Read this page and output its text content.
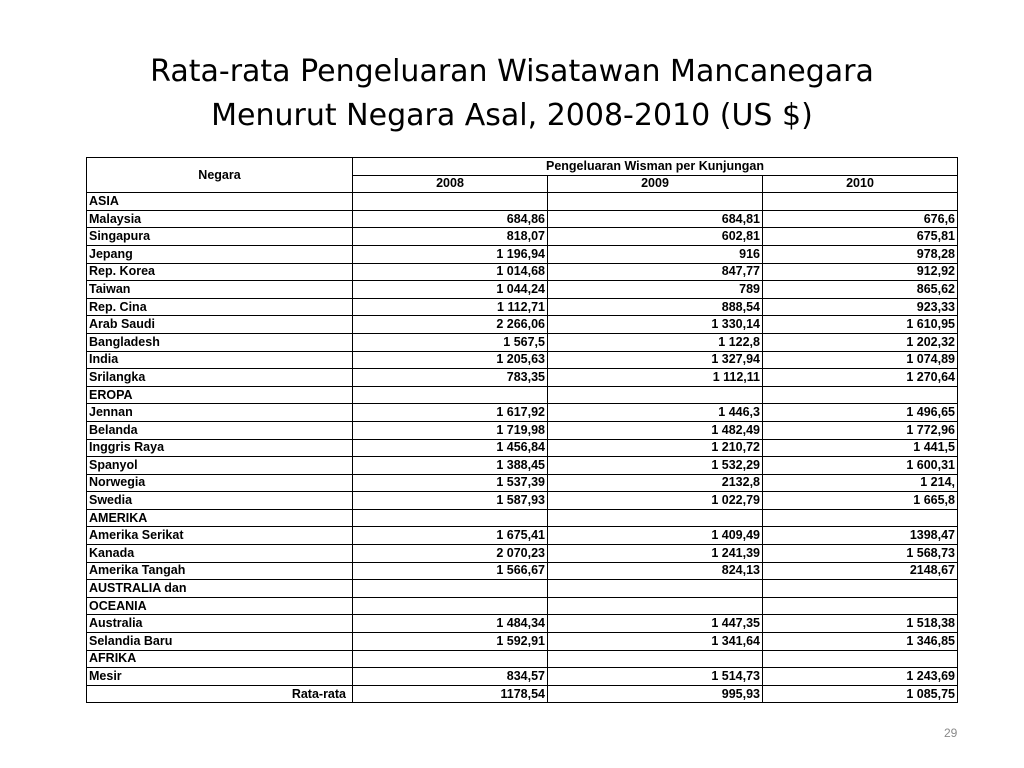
Rata-rata Pengeluaran Wisatawan Mancanegara
Menurut Negara Asal, 2008-2010 (US $)
Negara	Pengeluaran Wisman per Kunjungan		
	2008	2009	2010
ASIA			
Malaysia	684,86	684,81	676,6
Singapura	818,07	602,81	675,81
Jepang	1 196,94	916	978,28
Rep. Korea	1 014,68	847,77	912,92
Taiwan	1 044,24	789	865,62
Rep. Cina	1 112,71	888,54	923,33
Arab Saudi	2 266,06	1 330,14	1 610,95
Bangladesh	1 567,5	1 122,8	1 202,32
India	1 205,63	1 327,94	1 074,89
Srilangka	783,35	1 112,11	1 270,64
EROPA			
Jennan	1 617,92	1 446,3	1 496,65
Belanda	1 719,98	1 482,49	1 772,96
Inggris Raya	1 456,84	1 210,72	1 441,5
Spanyol	1 388,45	1 532,29	1 600,31
Norwegia	1 537,39	2132,8	1 214,
Swedia	1 587,93	1 022,79	1 665,8
AMERIKA			
Amerika Serikat	1 675,41	1 409,49	1398,47
Kanada	2 070,23	1 241,39	1 568,73
Amerika Tangah	1 566,67	824,13	2148,67
AUSTRALIA dan			
OCEANIA			
Australia	1 484,34	1 447,35	1 518,38
Selandia Baru	1 592,91	1 341,64	1 346,85
AFRIKA			
Mesir	834,57	1 514,73	1 243,69
Rata-rata	1178,54	995,93	1 085,75
29
